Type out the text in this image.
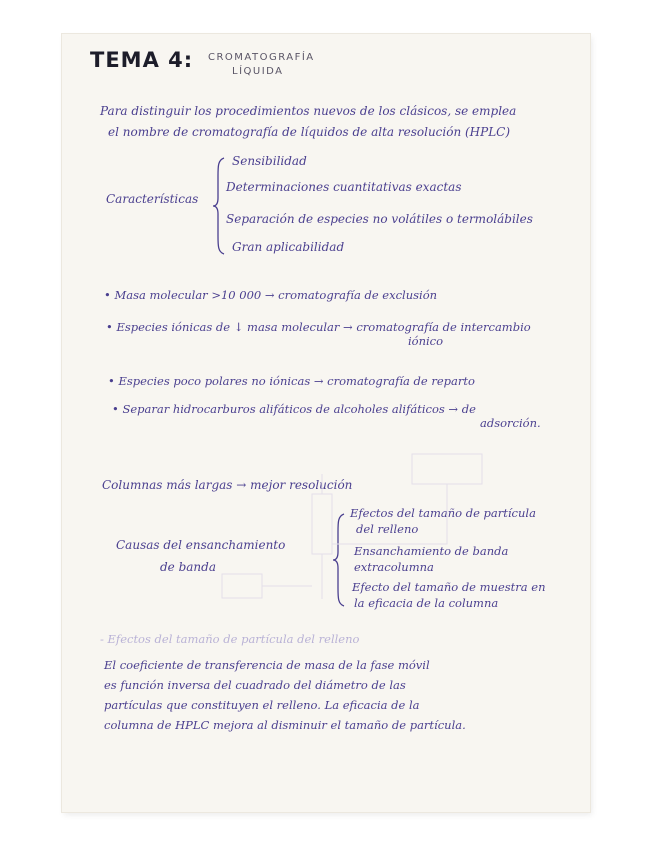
TEMA 4: CROMATOGRAFÍA
LÍQUIDA
Para distinguir los procedimientos nuevos de los clásicos, se emplea
el nombre de cromatografía de líquidos de alta resolución (HPLC)
Características
Sensibilidad
Determinaciones cuantitativas exactas
Separación de especies no volátiles o termolábiles
Gran aplicabilidad
• Masa molecular >10 000 → cromatografía de exclusión
• Especies iónicas de ↓ masa molecular → cromatografía de intercambio
iónico
• Especies poco polares no iónicas → cromatografía de reparto
• Separar hidrocarburos alifáticos de alcoholes alifáticos → de
adsorción.
Columnas más largas → mejor resolución
Causas del ensanchamiento
de banda
Efectos del tamaño de partícula
del relleno
Ensanchamiento de banda
extracolumna
Efecto del tamaño de muestra en
la eficacia de la columna
- Efectos del tamaño de partícula del relleno
El coeficiente de transferencia de masa de la fase móvil
es función inversa del cuadrado del diámetro de las
partículas que constituyen el relleno. La eficacia de la
columna de HPLC mejora al disminuir el tamaño de partícula.
